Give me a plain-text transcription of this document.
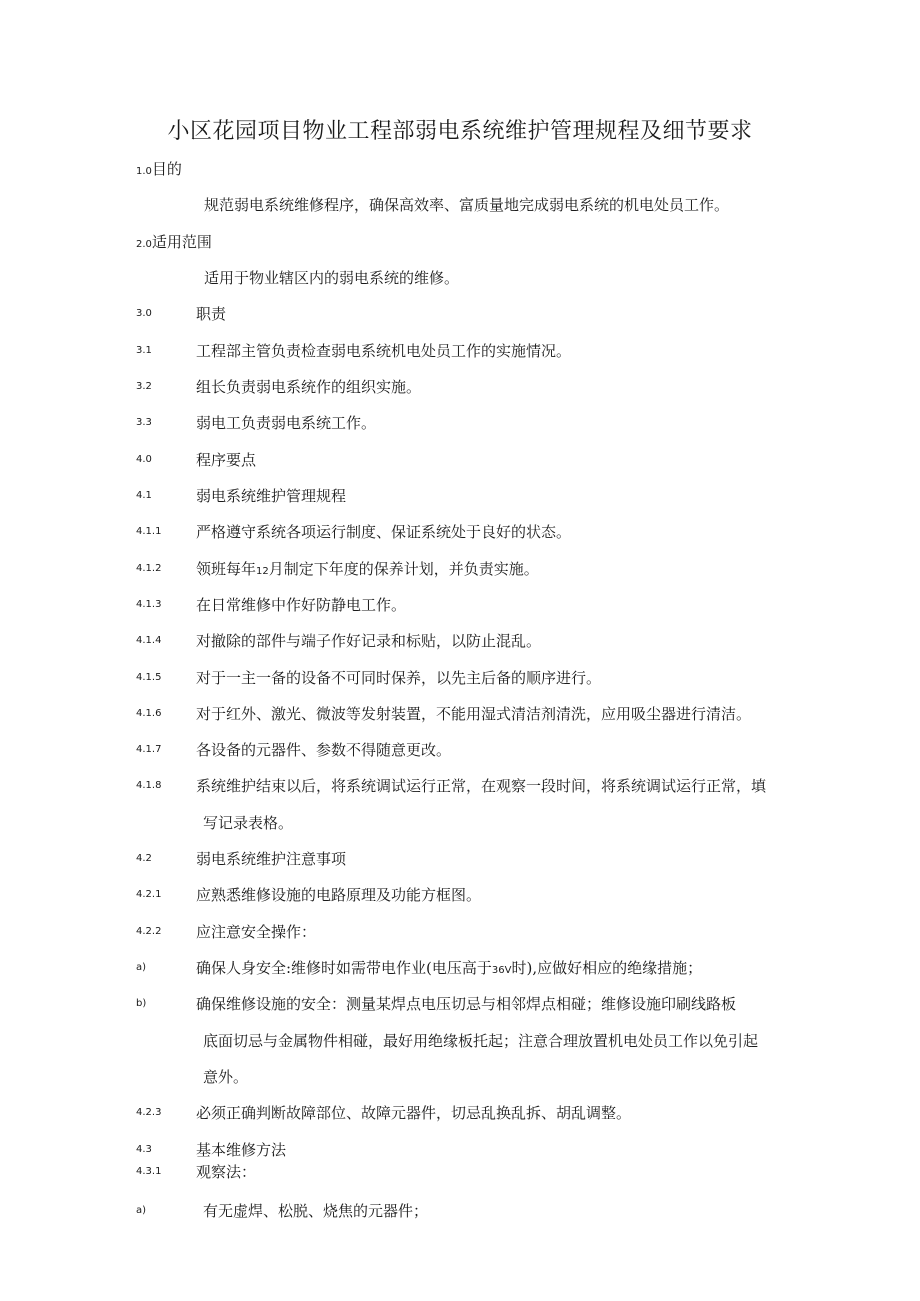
小区花园项目物业工程部弱电系统维护管理规程及细节要求
1.0目的
规范弱电系统维修程序，确保高效率、富质量地完成弱电系统的机电处员工作。
2.0适用范围
适用于物业辖区内的弱电系统的维修。
3.0	职责
3.1	工程部主管负责检查弱电系统机电处员工作的实施情况。
3.2	组长负责弱电系统作的组织实施。
3.3	弱电工负责弱电系统工作。
4.0	程序要点
4.1	弱电系统维护管理规程
4.1.1 严格遵守系统各项运行制度、保证系统处于良好的状态。
4.1.2 领班每年12月制定下年度的保养计划，并负责实施。
4.1.3 在日常维修中作好防静电工作。
4.1.4 对撤除的部件与端子作好记录和标贴，以防止混乱。
4.1.5 对于一主一备的设备不可同时保养，以先主后备的顺序进行。
4.1.6 对于红外、激光、微波等发射装置，不能用湿式清洁剂清洗，应用吸尘器进行清洁。
4.1.7 各设备的元器件、参数不得随意更改。
4.1.8 系统维护结束以后，将系统调试运行正常，在观察一段时间，将系统调试运行正常，填
写记录表格。
4.2	弱电系统维护注意事项
4.2.1 应熟悉维修设施的电路原理及功能方框图。
4.2.2 应注意安全操作：
a)	确保人身安全:维修时如需带电作业(电压高于36V时),应做好相应的绝缘措施；
b)	确保维修设施的安全：测量某焊点电压切忌与相邻焊点相碰；维修设施印刷线路板
底面切忌与金属物件相碰，最好用绝缘板托起；注意合理放置机电处员工作以免引起
意外。
4.2.3 必须正确判断故障部位、故障元器件，切忌乱换乱拆、胡乱调整。
4.3	基本维修方法
4.3.1 观察法：
a)	有无虚焊、松脱、烧焦的元器件；
